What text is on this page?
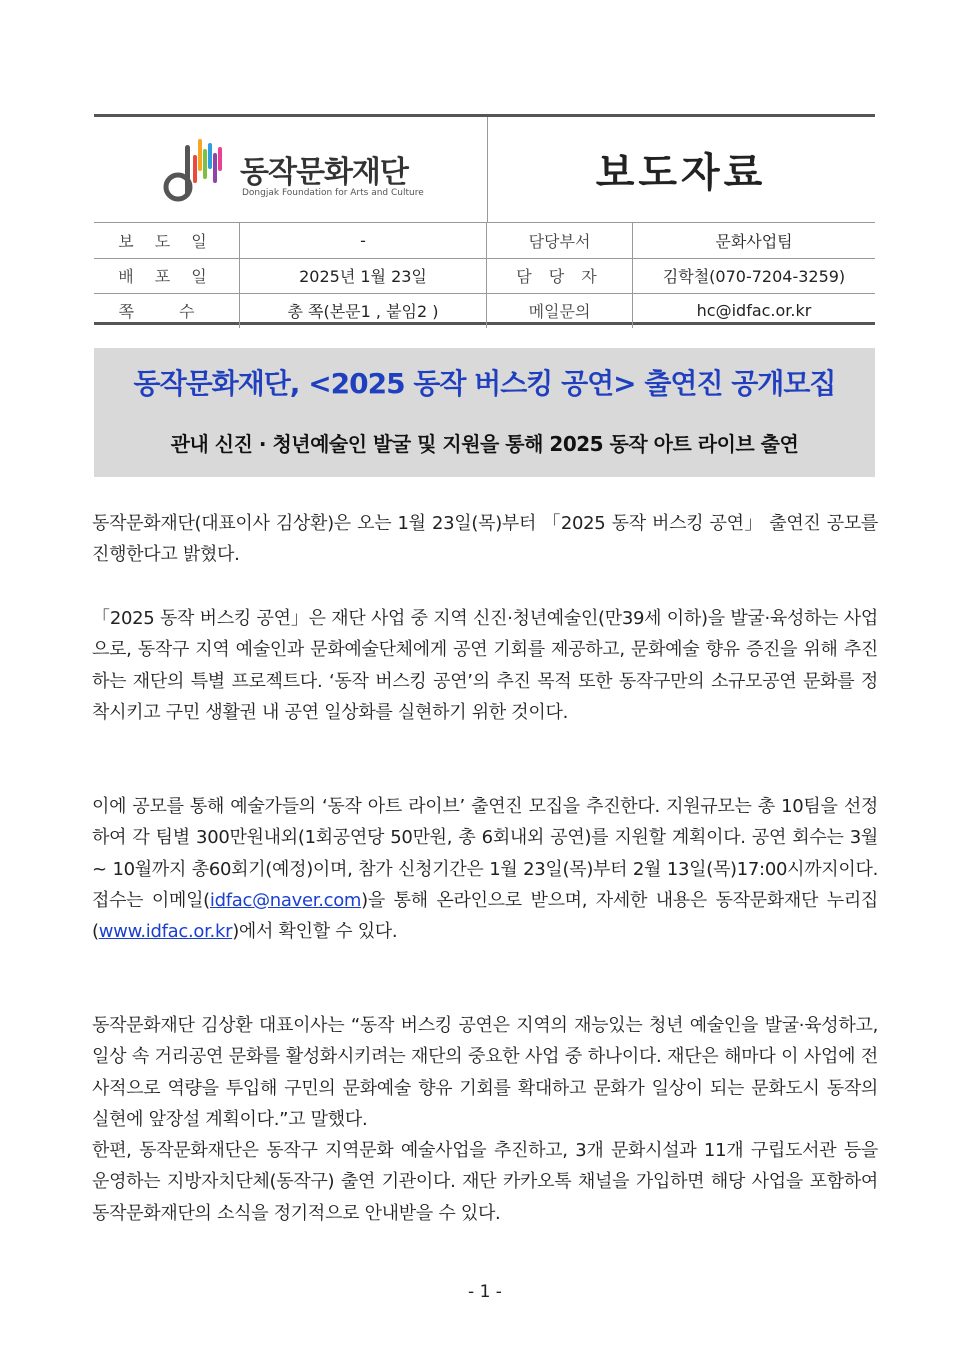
동작문화재단
Dongjak Foundation for Arts and Culture	보도자료
보 도 일	-	담당부서	문화사업팀
배 포 일	2025년 1월 23일	담 당 자	김학철(070-7204-3259)
쪽 수	총 쪽(본문1 , 붙임2 )	메일문의	hc@idfac.or.kr
동작문화재단, <2025 동작 버스킹 공연> 출연진 공개모집
관내 신진 · 청년예술인 발굴 및 지원을 통해 2025 동작 아트 라이브 출연
동작문화재단(대표이사 김상환)은 오는 1월 23일(목)부터 「2025 동작 버스킹 공연」 출연진 공모를 진행한다고 밝혔다.
「2025 동작 버스킹 공연」은 재단 사업 중 지역 신진·청년예술인(만39세 이하)을 발굴·육성하는 사업으로, 동작구 지역 예술인과 문화예술단체에게 공연 기회를 제공하고, 문화예술 향유 증진을 위해 추진하는 재단의 특별 프로젝트다. ‘동작 버스킹 공연’의 추진 목적 또한 동작구만의 소규모공연 문화를 정착시키고 구민 생활권 내 공연 일상화를 실현하기 위한 것이다.
이에 공모를 통해 예술가들의 ‘동작 아트 라이브’ 출연진 모집을 추진한다. 지원규모는 총 10팀을 선정하여 각 팀별 300만원내외(1회공연당 50만원, 총 6회내외 공연)를 지원할 계획이다. 공연 회수는 3월 ~ 10월까지 총60회기(예정)이며, 참가 신청기간은 1월 23일(목)부터 2월 13일(목)17:00시까지이다. 접수는 이메일(idfac@naver.com)을 통해 온라인으로 받으며, 자세한 내용은 동작문화재단 누리집(www.idfac.or.kr)에서 확인할 수 있다.
동작문화재단 김상환 대표이사는 “동작 버스킹 공연은 지역의 재능있는 청년 예술인을 발굴·육성하고, 일상 속 거리공연 문화를 활성화시키려는 재단의 중요한 사업 중 하나이다. 재단은 해마다 이 사업에 전사적으로 역량을 투입해 구민의 문화예술 향유 기회를 확대하고 문화가 일상이 되는 문화도시 동작의 실현에 앞장설 계획이다.”고 말했다.
한편, 동작문화재단은 동작구 지역문화 예술사업을 추진하고, 3개 문화시설과 11개 구립도서관 등을 운영하는 지방자치단체(동작구) 출연 기관이다. 재단 카카오톡 채널을 가입하면 해당 사업을 포함하여 동작문화재단의 소식을 정기적으로 안내받을 수 있다.
- 1 -
